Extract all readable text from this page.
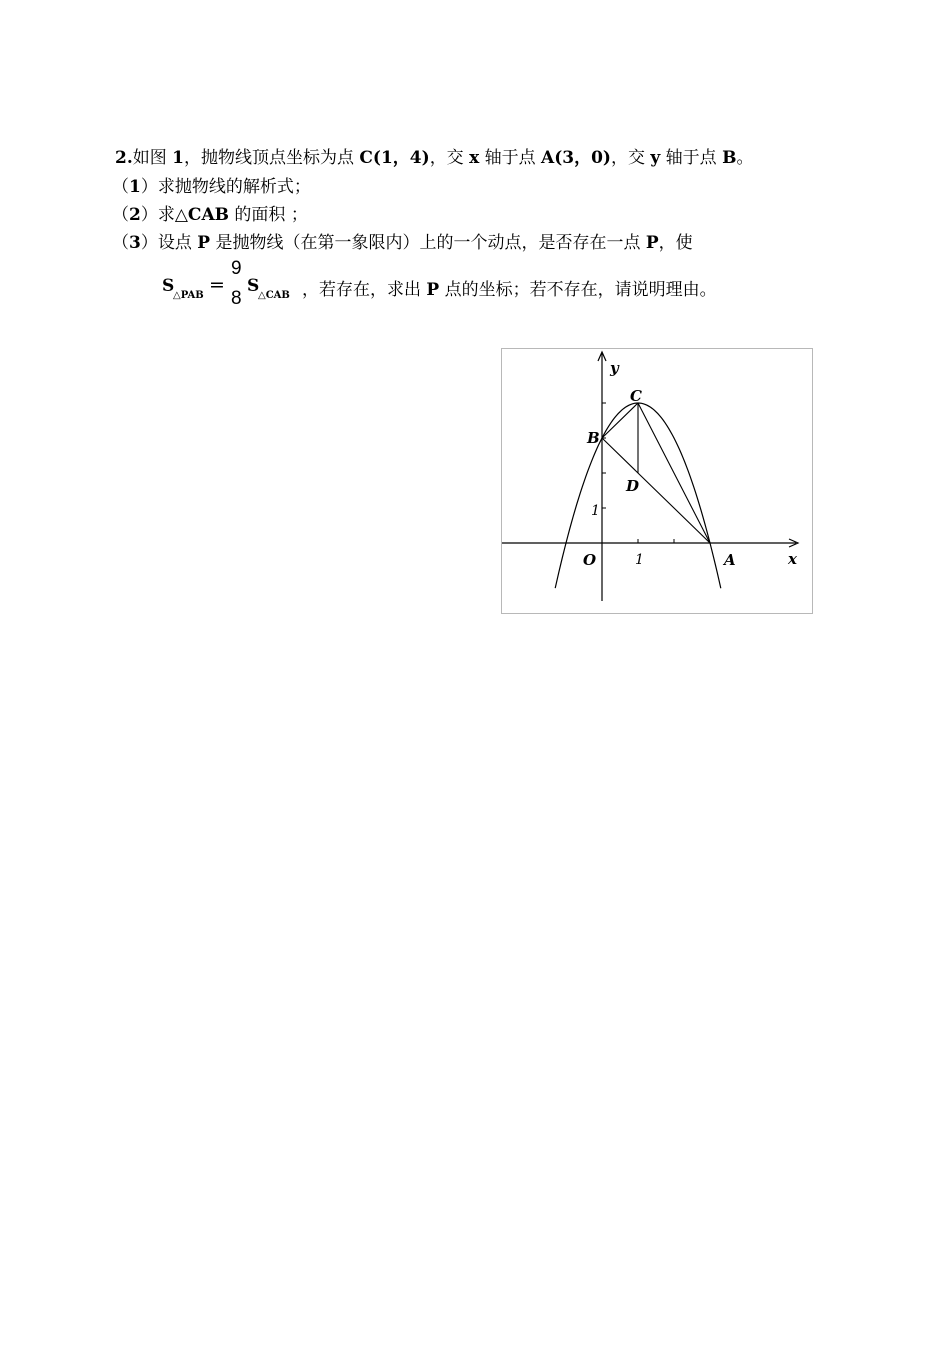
2.如图 1，抛物线顶点坐标为点 C(1，4)，交 x 轴于点 A(3，0)，交 y 轴于点 B。
（1）求抛物线的解析式；
（2）求△CAB 的面积 ；
（3）设点 P 是抛物线（在第一象限内）上的一个动点，是否存在一点 P，使
S
△PAB =
9
8
S
△CAB ，若存在，求出 P 点的坐标；若不存在，请说明理由。
y
x
C
B
D
O	A
1
1
